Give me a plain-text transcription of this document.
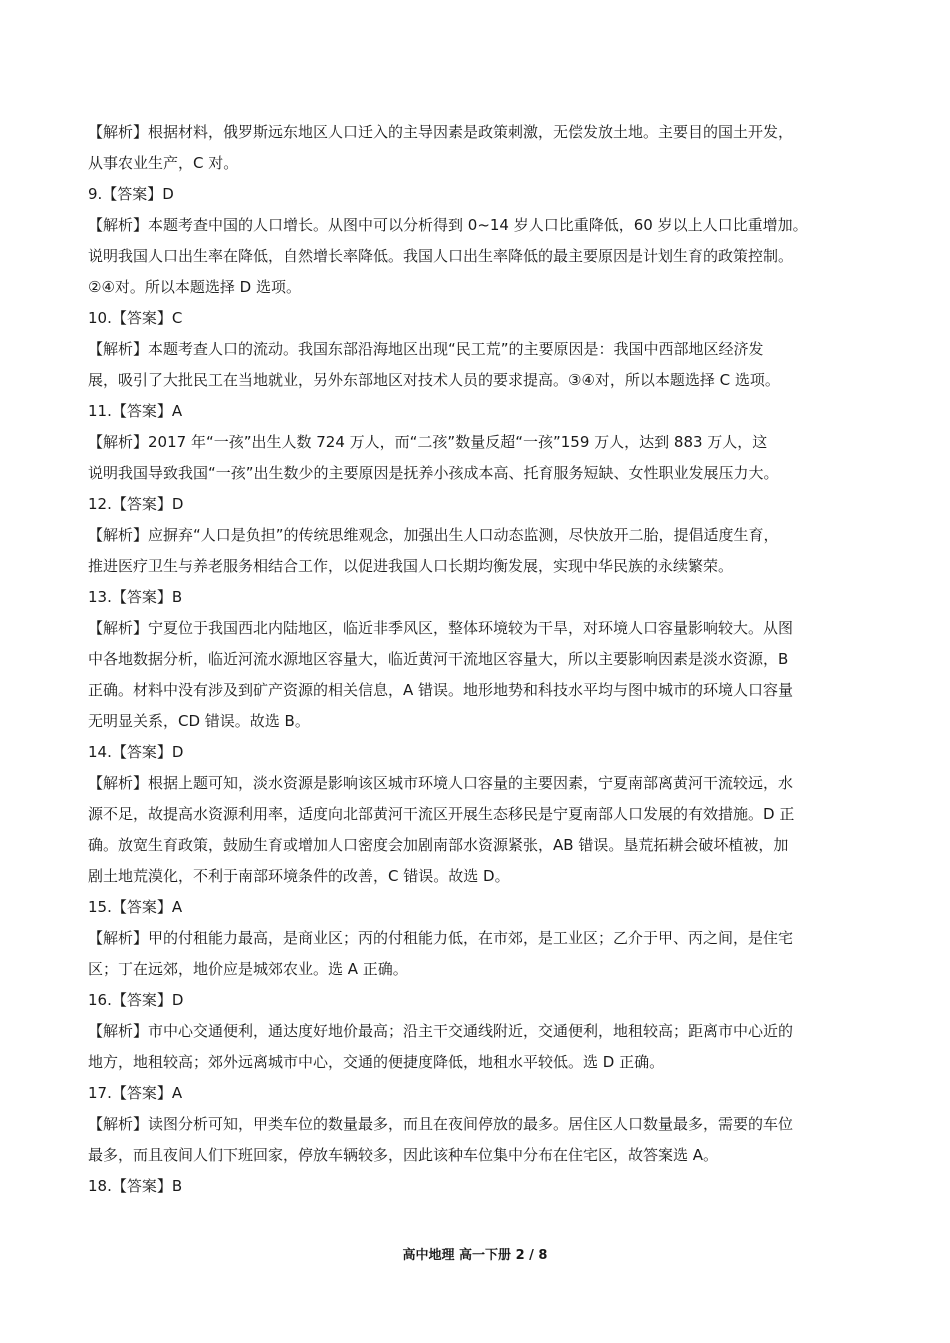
【解析】根据材料，俄罗斯远东地区人口迁入的主导因素是政策刺激，无偿发放土地。主要目的国土开发，
从事农业生产，C 对。
9.【答案】D
【解析】本题考查中国的人口增长。从图中可以分析得到 0~14 岁人口比重降低，60 岁以上人口比重增加。
说明我国人口出生率在降低，自然增长率降低。我国人口出生率降低的最主要原因是计划生育的政策控制。
②④对。所以本题选择 D 选项。
10.【答案】C
【解析】本题考查人口的流动。我国东部沿海地区出现“民工荒”的主要原因是：我国中西部地区经济发
展，吸引了大批民工在当地就业，另外东部地区对技术人员的要求提高。③④对，所以本题选择 C 选项。
11.【答案】A
【解析】2017 年“一孩”出生人数 724 万人，而“二孩”数量反超“一孩”159 万人，达到 883 万人，这
说明我国导致我国“一孩”出生数少的主要原因是抚养小孩成本高、托育服务短缺、女性职业发展压力大。
12.【答案】D
【解析】应摒弃“人口是负担”的传统思维观念，加强出生人口动态监测，尽快放开二胎，提倡适度生育，
推进医疗卫生与养老服务相结合工作，以促进我国人口长期均衡发展，实现中华民族的永续繁荣。
13.【答案】B
【解析】宁夏位于我国西北内陆地区，临近非季风区，整体环境较为干旱，对环境人口容量影响较大。从图
中各地数据分析，临近河流水源地区容量大，临近黄河干流地区容量大，所以主要影响因素是淡水资源，B
正确。材料中没有涉及到矿产资源的相关信息，A 错误。地形地势和科技水平均与图中城市的环境人口容量
无明显关系，CD 错误。故选 B。
14.【答案】D
【解析】根据上题可知，淡水资源是影响该区城市环境人口容量的主要因素，宁夏南部离黄河干流较远，水
源不足，故提高水资源利用率，适度向北部黄河干流区开展生态移民是宁夏南部人口发展的有效措施。D 正
确。放宽生育政策，鼓励生育或增加人口密度会加剧南部水资源紧张，AB 错误。垦荒拓耕会破坏植被，加
剧土地荒漠化，不利于南部环境条件的改善，C 错误。故选 D。
15.【答案】A
【解析】甲的付租能力最高，是商业区；丙的付租能力低，在市郊，是工业区；乙介于甲、丙之间，是住宅
区；丁在远郊，地价应是城郊农业。选 A 正确。
16.【答案】D
【解析】市中心交通便利，通达度好地价最高；沿主干交通线附近，交通便利，地租较高；距离市中心近的
地方，地租较高；郊外远离城市中心，交通的便捷度降低，地租水平较低。选 D 正确。
17.【答案】A
【解析】读图分析可知，甲类车位的数量最多，而且在夜间停放的最多。居住区人口数量最多，需要的车位
最多，而且夜间人们下班回家，停放车辆较多，因此该种车位集中分布在住宅区，故答案选 A。
18.【答案】B
高中地理 高一下册 2 / 8
